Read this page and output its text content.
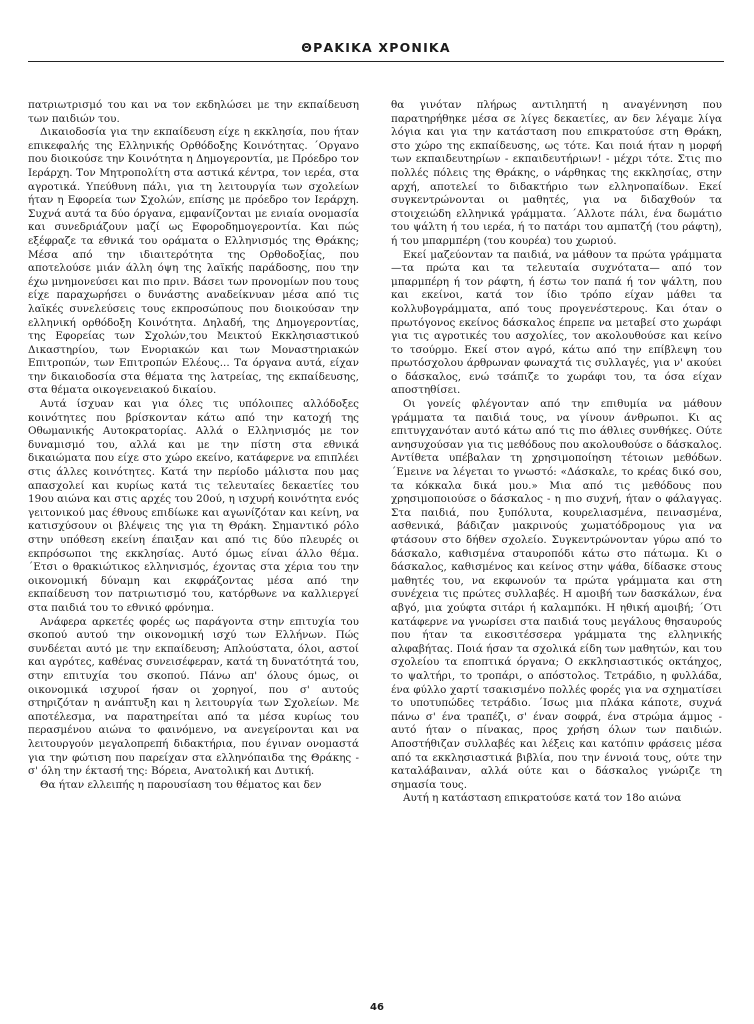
ΘΡΑΚΙΚΑ ΧΡΟΝΙΚΑ

πατριωτρισμό του και να τον εκδηλώσει με την εκπαίδευση των παιδιών του.

Δικαιοδοσία για την εκπαίδευση είχε η εκκλησία, που ήταν επικεφαλής της Ελληνικής Ορθόδοξης Κοινότητας. ΄Οργανο που διοικούσε την Κοινότητα η Δημογεροντία, με Πρόεδρο τον Ιεράρχη. Τον Μητροπολίτη στα αστικά κέντρα, τον ιερέα, στα αγροτικά. Υπεύθυνη πάλι, για τη λειτουργία των σχολείων ήταν η Εφορεία των Σχολών, επίσης με πρόεδρο τον Ιεράρχη. Συχνά αυτά τα δύο όργανα, εμφανίζονται με ενιαία ονομασία και συνεδριάζουν μαζί ως Εφοροδημογεροντία. Και πώς εξέφραζε τα εθνικά του οράματα ο Ελληνισμός της Θράκης; Μέσα από την ιδιαιτερότητα της Ορθοδοξίας, που αποτελούσε μιάν άλλη όψη της λαϊκής παράδοσης, που την έχω μνημονεύσει και πιο πριν. Βάσει των προνομίων που τους είχε παραχωρήσει ο δυνάστης αναδείκνυαν μέσα από τις λαϊκές συνελεύσεις τους εκπροσώπους που διοικούσαν την ελληνική ορθόδοξη Κοινότητα. Δηλαδή, της Δημογεροντίας, της Εφορείας των Σχολών,του Μεικτού Εκκλησιαστικού Δικαστηρίου, των Ενοριακών και των Μοναστηριακών Επιτροπών, των Επιτροπών Ελέους... Τα όργανα αυτά, είχαν την δικαιοδοσία στα θέματα της λατρείας, της εκπαίδευσης, στα θέματα οικογενειακού δικαίου.

Αυτά ίσχυαν και για όλες τις υπόλοιπες αλλόδοξες κοινότητες που βρίσκονταν κάτω από την κατοχή της Οθωμανικής Αυτοκρατορίας. Αλλά ο Ελληνισμός με τον δυναμισμό του, αλλά και με την πίστη στα εθνικά δικαιώματα που είχε στο χώρο εκείνο, κατάφερνε να επιπλέει στις άλλες κοινότητες. Κατά την περίοδο μάλιστα που μας απασχολεί και κυρίως κατά τις τελευταίες δεκαετίες του 19ου αιώνα και στις αρχές του 20ού, η ισχυρή κοινότητα ενός γειτονικού μας έθνους επιδίωκε και αγωνίζόταν και κείνη, να κατισχύσουν οι βλέψεις της για τη Θράκη. Σημαντικό ρόλο στην υπόθεση εκείνη έπαιξαν και από τις δύο πλευρές οι εκπρόσωποι της εκκλησίας. Αυτό όμως είναι άλλο θέμα. ΄Ετσι ο θρακιώτικος ελληνισμός, έχοντας στα χέρια του την οικονομική δύναμη και εκφράζοντας μέσα από την εκπαίδευση τον πατριωτισμό του, κατόρθωνε να καλλιεργεί στα παιδιά του το εθνικό φρόνημα.

Ανάφερα αρκετές φορές ως παράγοντα στην επιτυχία του σκοπού αυτού την οικονομική ισχύ των Ελλήνων. Πώς συνδέεται αυτό με την εκπαίδευση; Απλούστατα, όλοι, αστοί και αγρότες, καθένας συνεισέφεραν, κατά τη δυνατότητά του, στην επιτυχία του σκοπού. Πάνω απ' όλους όμως, οι οικονομικά ισχυροί ήσαν οι χορηγοί, που σ' αυτούς στηριζόταν η ανάπτυξη και η λειτουργία των Σχολείων. Με αποτέλεσμα, να παρατηρείται από τα μέσα κυρίως του περασμένου αιώνα το φαινόμενο, να ανεγείρονται και να λειτουργούν μεγαλοπρεπή διδακτήρια, που έγιναν ονομαστά για την φώτιση που παρείχαν στα ελληνόπαιδα της Θράκης - σ' όλη την έκτασή της: Βόρεια, Ανατολική και Δυτική.

Θα ήταν ελλειπής η παρουσίαση του θέματος και δεν

θα γινόταν πλήρως αντιληπτή η αναγέννηση που παρατηρήθηκε μέσα σε λίγες δεκαετίες, αν δεν λέγαμε λίγα λόγια και για την κατάσταση που επικρατούσε στη Θράκη, στο χώρο της εκπαίδευσης, ως τότε. Και ποιά ήταν η μορφή των εκπαιδευτηρίων - εκπαιδευτήριων! - μέχρι τότε. Στις πιο πολλές πόλεις της Θράκης, ο νάρθηκας της εκκλησίας, στην αρχή, αποτελεί το διδακτήριο των ελληνοπαίδων. Εκεί συγκεντρώνονται οι μαθητές, για να διδαχθούν τα στοιχειώδη ελληνικά γράμματα. ΄Αλλοτε πάλι, ένα δωμάτιο του ψάλτη ή του ιερέα, ή το πατάρι του αμπατζή (του ράφτη), ή του μπαρμπέρη (του κουρέα) του χωριού.

Εκεί μαζεύονταν τα παιδιά, να μάθουν τα πρώτα γράμματα —τα πρώτα και τα τελευταία συχνότατα— από τον μπαρμπέρη ή τον ράφτη, ή έστω τον παπά ή τον ψάλτη, που και εκείνοι, κατά τον ίδιο τρόπο είχαν μάθει τα κολλυβογράμματα, από τους προγενέστερους. Και όταν ο πρωτόγονος εκείνος δάσκαλος έπρεπε να μεταβεί στο χωράφι για τις αγροτικές του ασχολίες, τον ακολουθούσε και κείνο το τσούρμο. Εκεί στον αγρό, κάτω από την επίβλεψη του πρωτόσχολου άρθρωναν φωναχτά τις συλλαγές, για ν' ακούει ο δάσκαλος, ενώ τσάπιζε το χωράφι του, τα όσα είχαν αποστηθίσει.

Οι γονείς φλέγονταν από την επιθυμία να μάθουν γράμματα τα παιδιά τους, να γίνουν άνθρωποι. Κι ας επιτυγχανόταν αυτό κάτω από τις πιο άθλιες συνθήκες. Ούτε ανησυχούσαν για τις μεθόδους που ακολουθούσε ο δάσκαλος. Αντίθετα υπέβαλαν τη χρησιμοποίηση τέτοιων μεθόδων. ΄Εμεινε να λέγεται το γνωστό: «Δάσκαλε, το κρέας δικό σου, τα κόκκαλα δικά μου.» Μια από τις μεθόδους που χρησιμοποιούσε ο δάσκαλος - η πιο συχνή, ήταν ο φάλαγγας. Στα παιδιά, που ξυπόλυτα, κουρελιασμένα, πεινασμένα, ασθενικά, βάδιζαν μακρινούς χωματόδρομους για να φτάσουν στο δήθεν σχολείο. Συγκεντρώνονταν γύρω από το δάσκαλο, καθισμένα σταυροπόδι κάτω στο πάτωμα. Κι ο δάσκαλος, καθισμένος και κείνος στην ψάθα, δίδασκε στους μαθητές του, να εκφωνούν τα πρώτα γράμματα και στη συνέχεια τις πρώτες συλλαβές. Η αμοιβή των δασκάλων, ένα αβγό, μια χούφτα σιτάρι ή καλαμπόκι. Η ηθική αμοιβή; ΄Οτι κατάφερνε να γνωρίσει στα παιδιά τους μεγάλους θησαυρούς που ήταν τα εικοσιτέσσερα γράμματα της ελληνικής αλφαβήτας. Ποιά ήσαν τα σχολικά είδη των μαθητών, και του σχολείου τα εποπτικά όργανα; Ο εκκλησιαστικός οκτάηχος, το ψαλτήρι, το τροπάρι, ο απόστολος. Τετράδιο, η φυλλάδα, ένα φύλλο χαρτί τσακισμένο πολλές φορές για να σχηματίσει το υποτυπώδες τετράδιο. ΄Ισως μια πλάκα κάποτε, συχνά πάνω σ' ένα τραπέζι, σ' έναν σοφρά, ένα στρώμα άμμος - αυτό ήταν ο πίνακας, προς χρήση όλων των παιδιών. Αποστήθιζαν συλλαβές και λέξεις και κατόπιν φράσεις μέσα από τα εκκλησιαστικά βιβλία, που την έννοιά τους, ούτε την καταλάβαιναν, αλλά ούτε και ο δάσκαλος γνώριζε τη σημασία τους.

Αυτή η κατάσταση επικρατούσε κατά τον 18ο αιώνα

46
